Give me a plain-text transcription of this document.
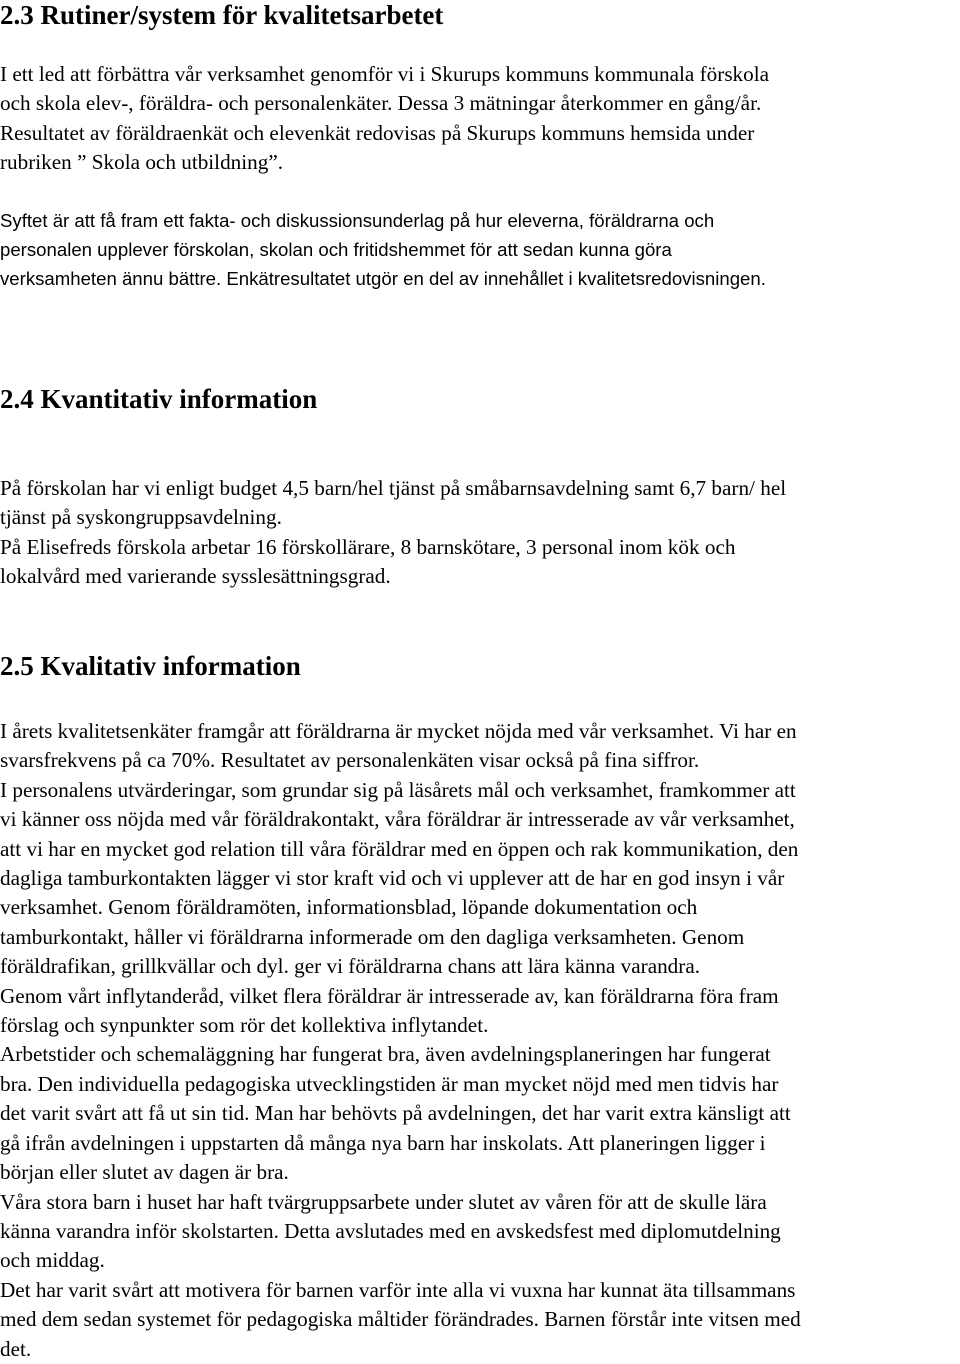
2.3 Rutiner/system för kvalitetsarbetet

I ett led att förbättra vår verksamhet genomför vi i Skurups kommuns kommunala förskola
och skola elev-, föräldra- och personalenkäter. Dessa 3 mätningar återkommer en gång/år.
Resultatet av föräldraenkät och elevenkät redovisas på Skurups kommuns hemsida under
rubriken ” Skola och utbildning”.

Syftet är att få fram ett fakta- och diskussionsunderlag på hur eleverna, föräldrarna och
personalen upplever förskolan, skolan och fritidshemmet för att sedan kunna göra
verksamheten ännu bättre. Enkätresultatet utgör en del av innehållet i kvalitetsredovisningen.

2.4 Kvantitativ information

På förskolan har vi enligt budget 4,5 barn/hel tjänst på småbarnsavdelning samt 6,7 barn/ hel
tjänst på syskongruppsavdelning.
På Elisefreds förskola arbetar 16 förskollärare, 8 barnskötare, 3 personal inom kök och
lokalvård med varierande sysslesättningsgrad.

2.5 Kvalitativ information

I årets kvalitetsenkäter framgår att föräldrarna är mycket nöjda med vår verksamhet. Vi har en
svarsfrekvens på ca 70%. Resultatet av personalenkäten visar också på fina siffror.
I personalens utvärderingar, som grundar sig på läsårets mål och verksamhet, framkommer att
vi känner oss nöjda med vår föräldrakontakt, våra föräldrar är intresserade av vår verksamhet,
att vi har en mycket god relation till våra föräldrar med en öppen och rak kommunikation, den
dagliga tamburkontakten lägger vi stor kraft vid och vi upplever att de har en god insyn i vår
verksamhet. Genom föräldramöten, informationsblad, löpande dokumentation och
tamburkontakt, håller vi föräldrarna informerade om den dagliga verksamheten. Genom
föräldrafikan, grillkvällar och dyl. ger vi föräldrarna chans att lära känna varandra.
Genom vårt inflytanderåd, vilket flera föräldrar är intresserade av, kan föräldrarna föra fram
förslag och synpunkter som rör det kollektiva inflytandet.
Arbetstider och schemaläggning har fungerat bra, även avdelningsplaneringen har fungerat
bra. Den individuella pedagogiska utvecklingstiden är man mycket nöjd med men tidvis har
det varit svårt att få ut sin tid. Man har behövts på avdelningen, det har varit extra känsligt att
gå ifrån avdelningen i uppstarten då många nya barn har inskolats. Att planeringen ligger i
början eller slutet av dagen är bra.
Våra stora barn i huset har haft tvärgruppsarbete under slutet av våren för att de skulle lära
känna varandra inför skolstarten. Detta avslutades med en avskedsfest med diplomutdelning
och middag.
Det har varit svårt att motivera för barnen varför inte alla vi vuxna har kunnat äta tillsammans
med dem sedan systemet för pedagogiska måltider förändrades. Barnen förstår inte vitsen med
det.
